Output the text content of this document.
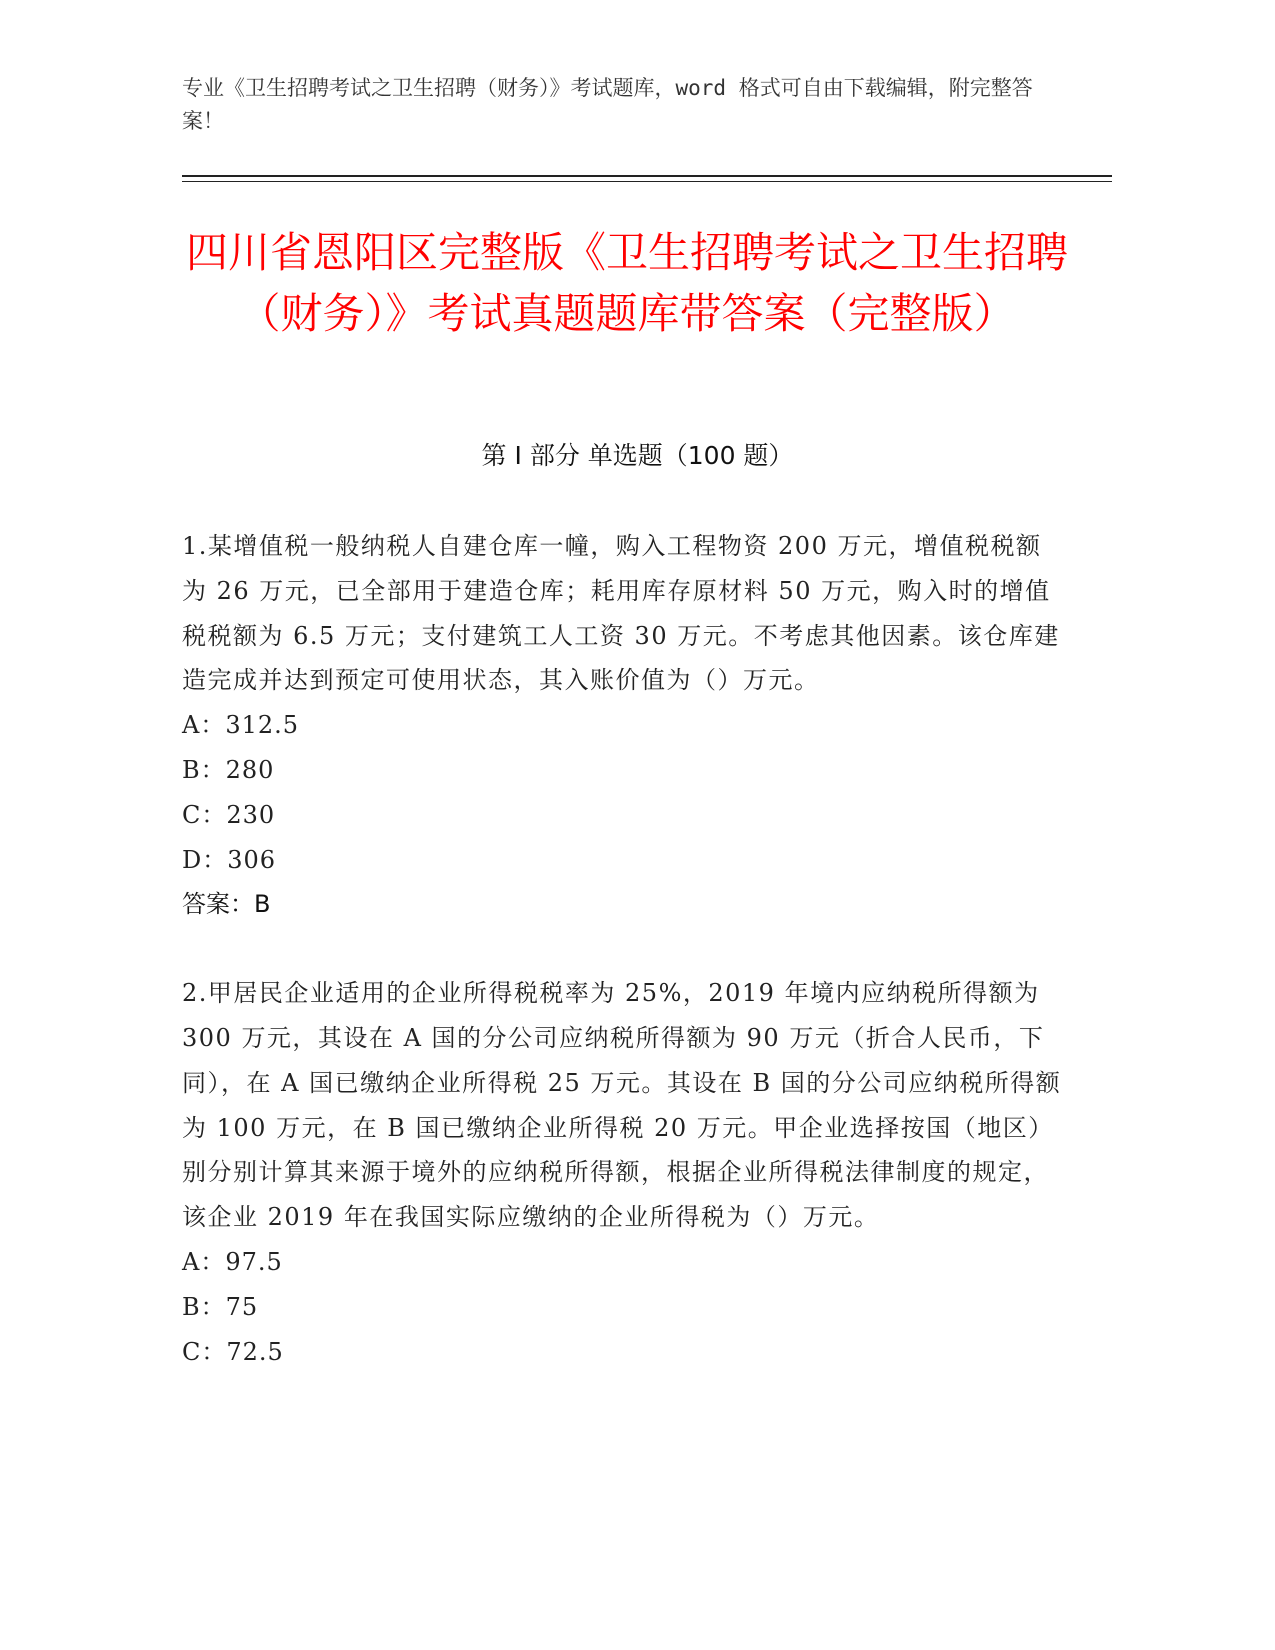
专业《卫生招聘考试之卫生招聘（财务）》考试题库，word 格式可自由下载编辑，附完整答案！
四川省恩阳区完整版《卫生招聘考试之卫生招聘（财务）》考试真题题库带答案（完整版）
第 I 部分 单选题（100 题）

1.某增值税一般纳税人自建仓库一幢，购入工程物资 200 万元，增值税税额为 26 万元，已全部用于建造仓库；耗用库存原材料 50 万元，购入时的增值税税额为 6.5 万元；支付建筑工人工资 30 万元。不考虑其他因素。该仓库建造完成并达到预定可使用状态，其入账价值为（）万元。

A：312.5

B：280

C：230

D：306

答案：B

2.甲居民企业适用的企业所得税税率为 25%，2019 年境内应纳税所得额为 300 万元，其设在 A 国的分公司应纳税所得额为 90 万元（折合人民币，下同），在 A 国已缴纳企业所得税 25 万元。其设在 B 国的分公司应纳税所得额为 100 万元，在 B 国已缴纳企业所得税 20 万元。甲企业选择按国（地区）别分别计算其来源于境外的应纳税所得额，根据企业所得税法律制度的规定，该企业 2019 年在我国实际应缴纳的企业所得税为（）万元。

A：97.5

B：75

C：72.5
